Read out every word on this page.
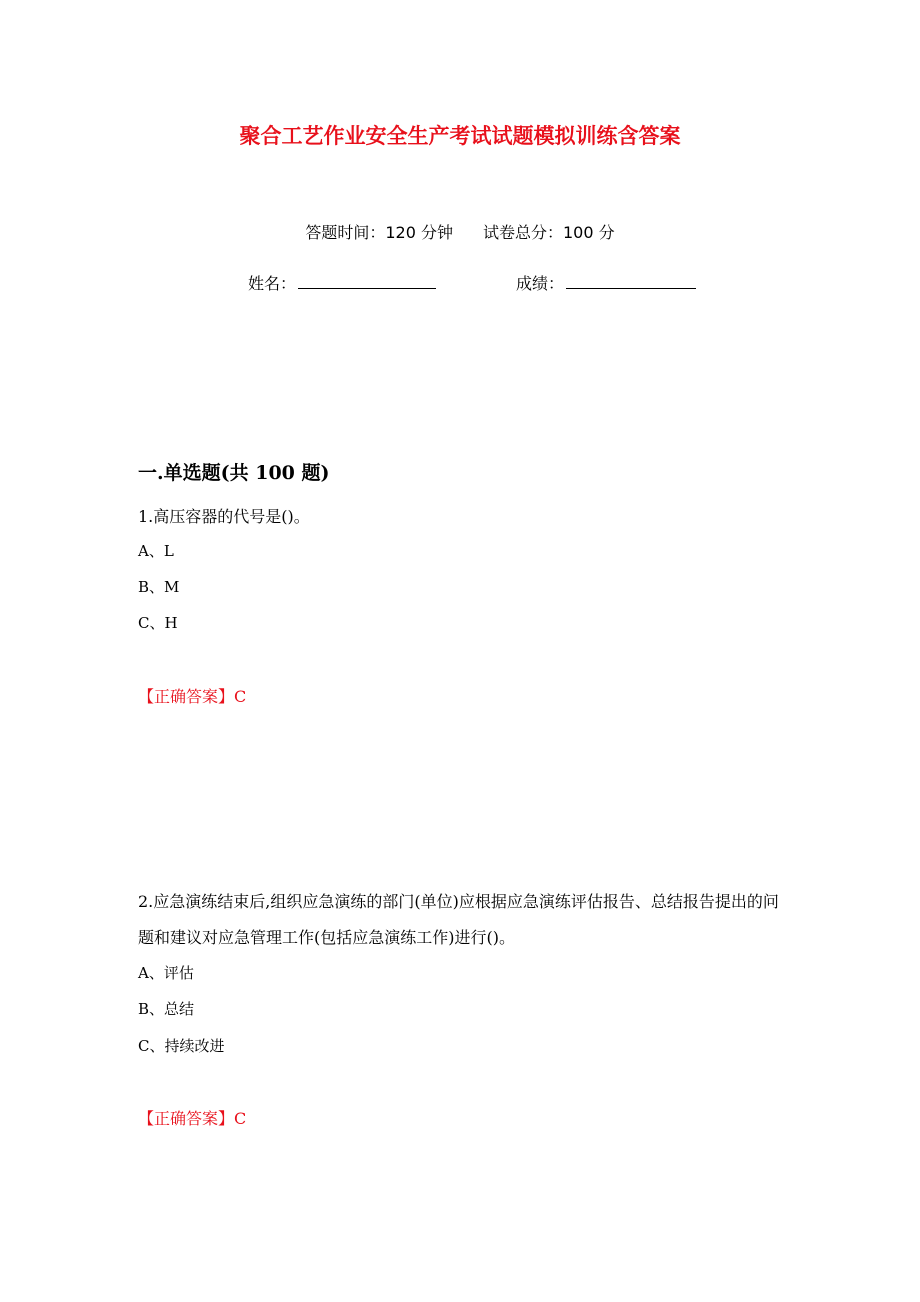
聚合工艺作业安全生产考试试题模拟训练含答案
答题时间：120 分钟 试卷总分：100 分
姓名：	成绩：
一.单选题(共 100 题)
1.高压容器的代号是()。
A、L
B、M
C、H
【正确答案】C
2.应急演练结束后,组织应急演练的部门(单位)应根据应急演练评估报告、总结报告提出的问题和建议对应急管理工作(包括应急演练工作)进行()。
A、评估
B、总结
C、持续改进
【正确答案】C
